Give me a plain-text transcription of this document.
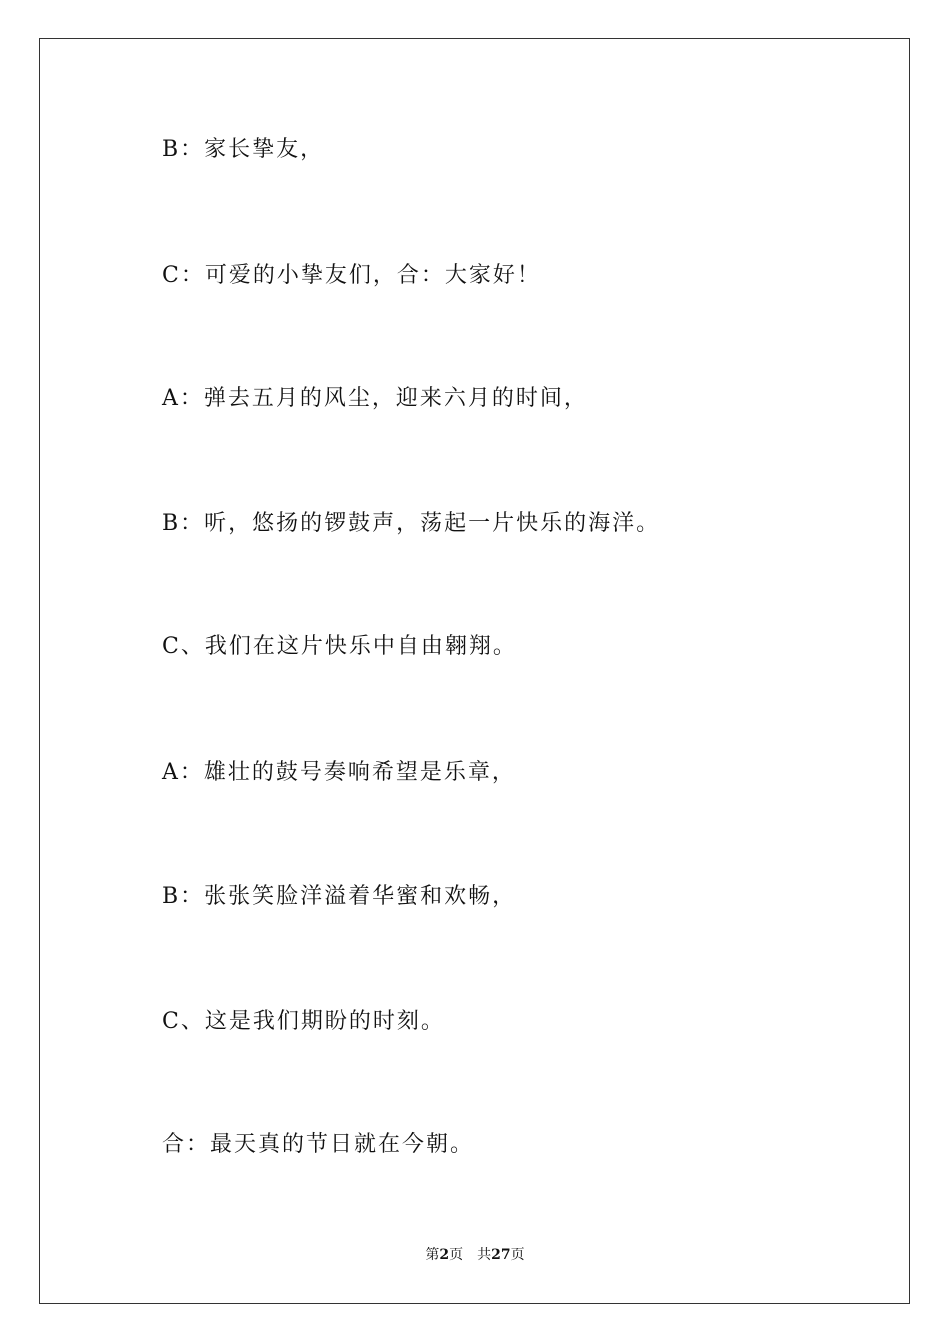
B：家长挚友，
C：可爱的小挚友们，合：大家好！
A：弹去五月的风尘，迎来六月的时间，
B：听，悠扬的锣鼓声，荡起一片快乐的海洋。
C、我们在这片快乐中自由翱翔。
A：雄壮的鼓号奏响希望是乐章，
B：张张笑脸洋溢着华蜜和欢畅，
C、这是我们期盼的时刻。
合：最天真的节日就在今朝。
第2页 共27页
